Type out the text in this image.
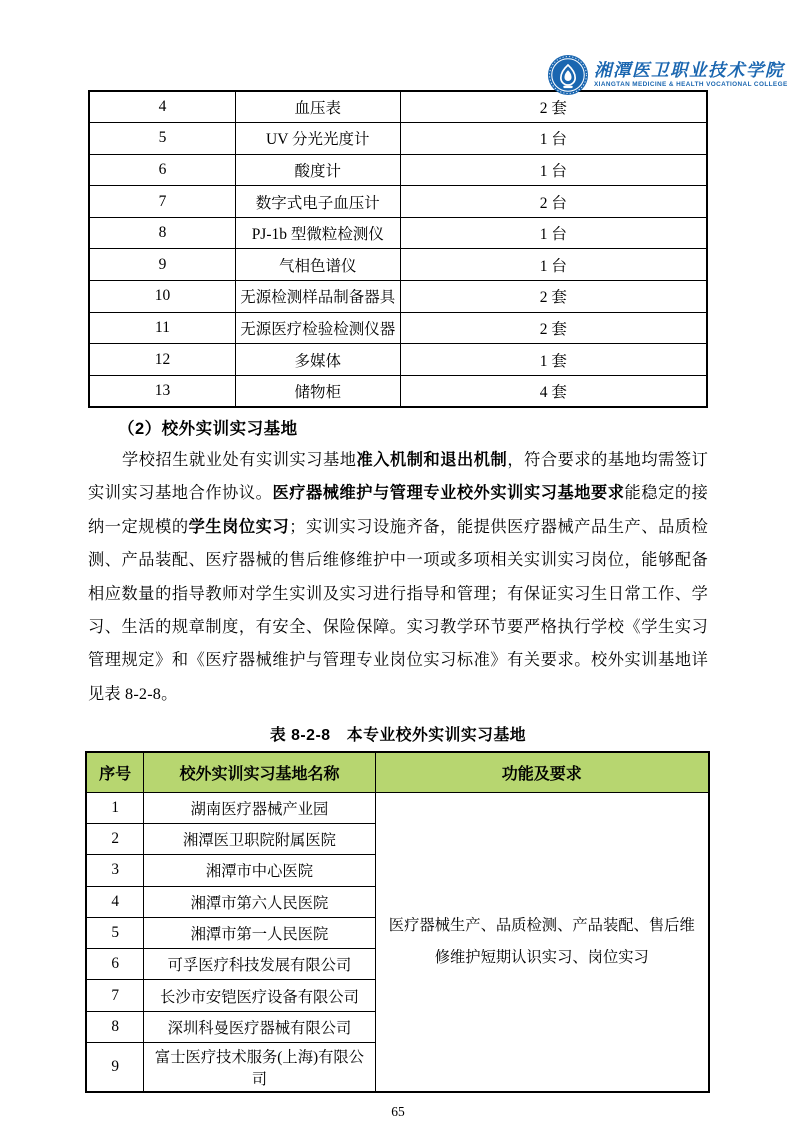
湘潭医卫职业技术学院
XIANGTAN MEDICINE & HEALTH VOCATIONAL COLLEGE
4	血压表	2 套
5	UV 分光光度计	1 台
6	酸度计	1 台
7	数字式电子血压计	2 台
8	PJ-1b 型微粒检测仪	1 台
9	气相色谱仪	1 台
10	无源检测样品制备器具	2 套
11	无源医疗检验检测仪器	2 套
12	多媒体	1 套
13	储物柜	4 套
（2）校外实训实习基地
学校招生就业处有实训实习基地准入机制和退出机制，符合要求的基地均需签订实训实习基地合作协议。医疗器械维护与管理专业校外实训实习基地要求能稳定的接纳一定规模的学生岗位实习；实训实习设施齐备，能提供医疗器械产品生产、品质检测、产品装配、医疗器械的售后维修维护中一项或多项相关实训实习岗位，能够配备相应数量的指导教师对学生实训及实习进行指导和管理；有保证实习生日常工作、学习、生活的规章制度，有安全、保险保障。实习教学环节要严格执行学校《学生实习管理规定》和《医疗器械维护与管理专业岗位实习标准》有关要求。校外实训基地详见表 8-2-8。
表 8-2-8　本专业校外实训实习基地
序号	校外实训实习基地名称	功能及要求
1	湖南医疗器械产业园	医疗器械生产、品质检测、产品装配、售后维修维护短期认识实习、岗位实习
2	湘潭医卫职院附属医院	
3	湘潭市中心医院	
4	湘潭市第六人民医院	
5	湘潭市第一人民医院	
6	可孚医疗科技发展有限公司	
7	长沙市安铠医疗设备有限公司	
8	深圳科曼医疗器械有限公司	
9	富士医疗技术服务(上海)有限公司	
65
